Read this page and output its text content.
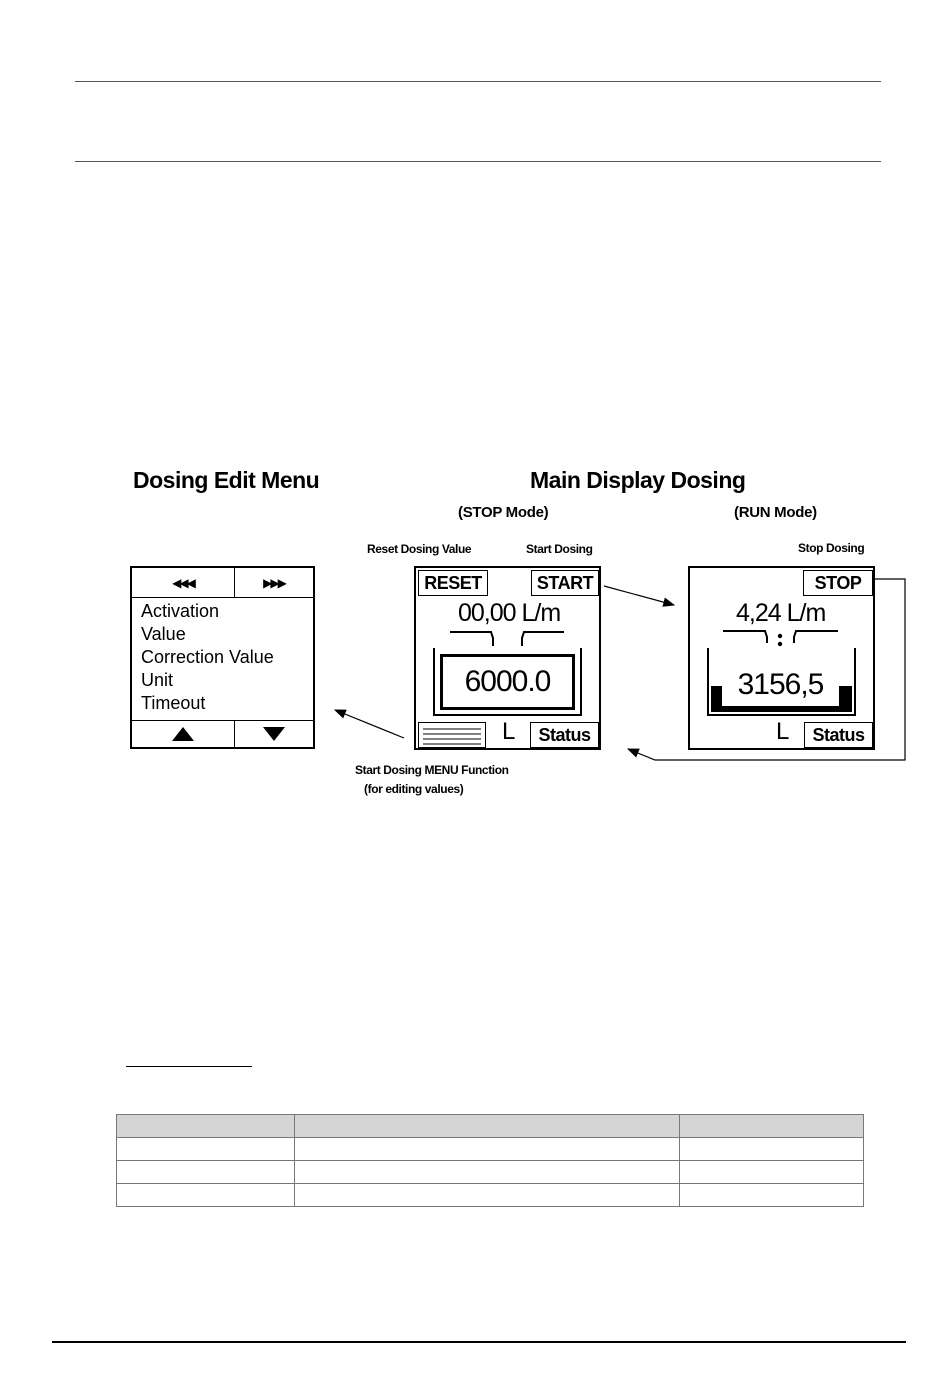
Dosing Edit Menu	Main Display Dosing
(STOP Mode)	(RUN Mode)
Reset Dosing Value	Start Dosing	Stop Dosing
Start Dosing MENU Function
(for editing values)
◀◀◀	▶▶▶
Activation
Value
Correction Value
Unit
Timeout
RESET	START
00,00 L/m
6000.0
L Status
STOP
4,24 L/m
3156,5
L Status
